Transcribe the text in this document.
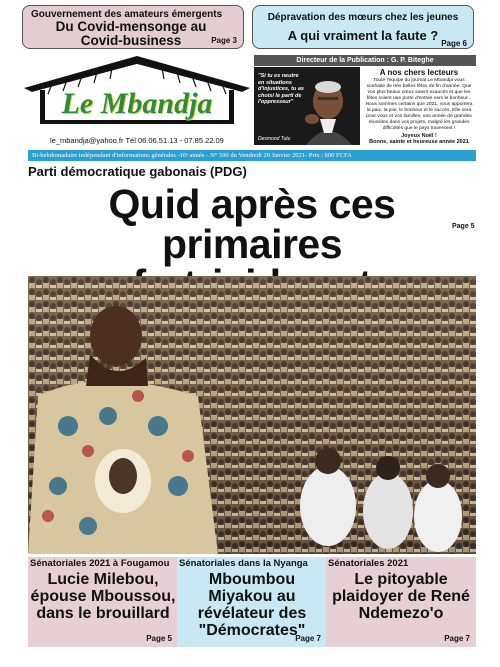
Gouvernement des amateurs émergents
Du Covid-mensonge au Covid-business	Page 3
Dépravation des mœurs chez les jeunes
A qui vraiment la faute ?
Page 6
Le Mbandja
le_mbandja@yahoo.fr Tél 06.06.51.13 - 07.85.22.09
Directeur de la Publication : G. P. Biteghe
"Si tu es neutre en situations d'injustices, tu as choisi le parti de l'oppresseur"
Desmond Tutu
A nos chers lecteurs
Toute l'équipe du journal Le Mbandja vous souhaite de très belles fêtes de fin d'année. Que vos plus beaux vœux soient exaucés et que les fêtes soient une porte d'entrée vers le bonheur... Nous sommes certains que 2021, vous apportera la paix, la joie, le bonheur et le succès. Elle sera pour vous et vos familles, une année de grandes réussites dans vos projets, malgré les grandes difficultés que le pays traversent !
Joyeux Noël !
Bonne, sainte et heureuse année 2021
Bi-hebdomadaire indépendant d'informations générales -16ᵉ année - N° 590 du Vendredi 29 Janvier 2021- Prix : 600 FCFA
Parti démocratique gabonais (PDG)
Quid après ces primaires	Page 5
Sénatoriales 2021 à Fougamou
Lucie Milebou, épouse Mboussou, dans le brouillard
Page 5
Sénatoriales dans la Nyanga
Mboumbou Miyakou au révélateur des "Démocrates"
Page 7
Sénatoriales 2021
Le pitoyable plaidoyer de René Ndemezo'o
Page 7
